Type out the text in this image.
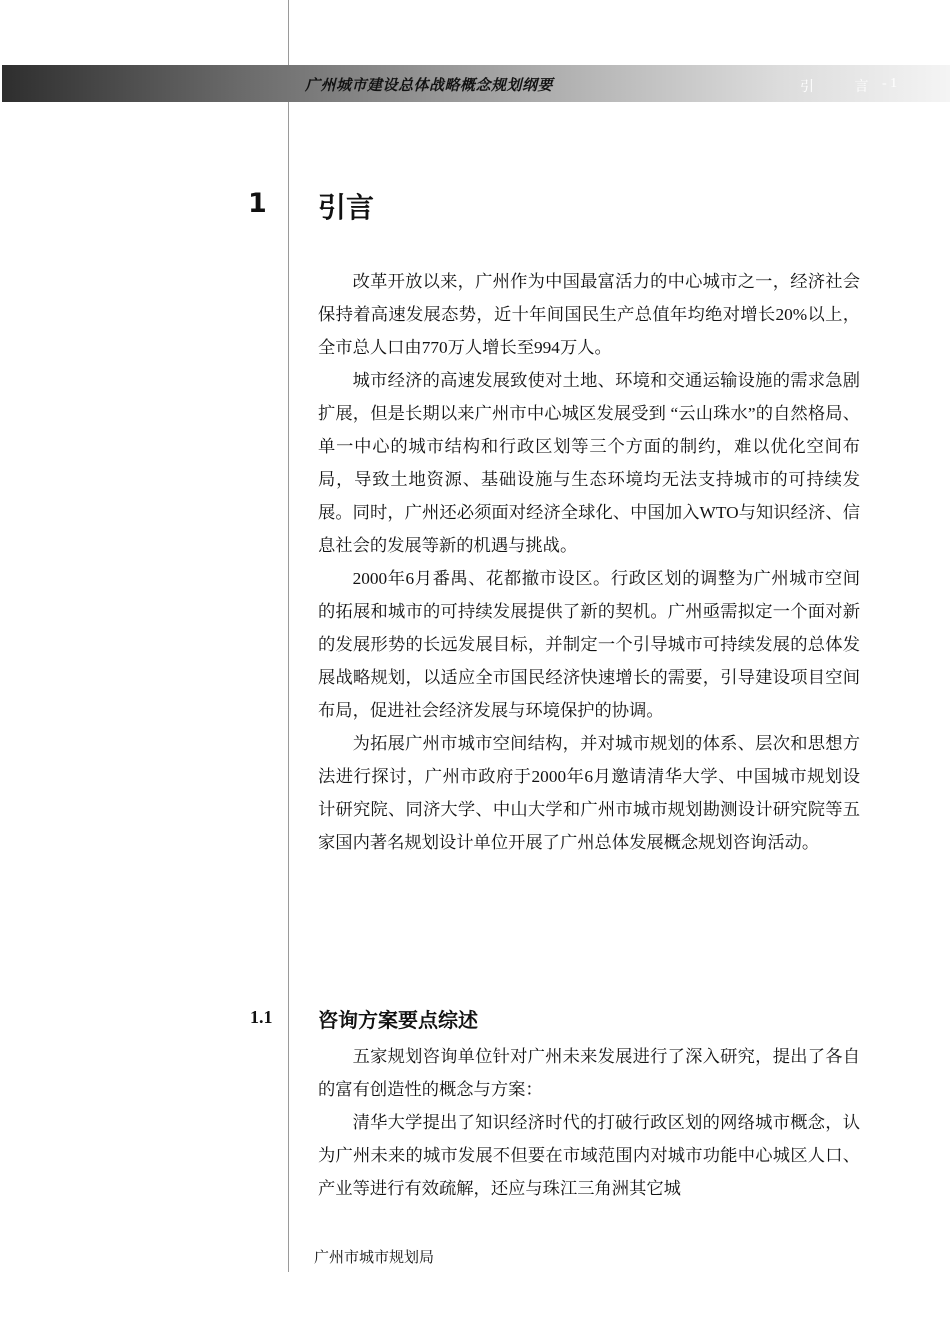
广州城市建设总体战略概念规划纲要	引 言
- 1
1 引言

改革开放以来，广州作为中国最富活力的中心城市之一，经济社会保持着高速发展态势，近十年间国民生产总值年均绝对增长20%以上，全市总人口由770万人增长至994万人。

城市经济的高速发展致使对土地、环境和交通运输设施的需求急剧扩展，但是长期以来广州市中心城区发展受到 “云山珠水”的自然格局、单一中心的城市结构和行政区划等三个方面的制约，难以优化空间布局，导致土地资源、基础设施与生态环境均无法支持城市的可持续发展。同时，广州还必须面对经济全球化、中国加入WTO与知识经济、信息社会的发展等新的机遇与挑战。

2000年6月番禺、花都撤市设区。行政区划的调整为广州城市空间的拓展和城市的可持续发展提供了新的契机。广州亟需拟定一个面对新的发展形势的长远发展目标，并制定一个引导城市可持续发展的总体发展战略规划，以适应全市国民经济快速增长的需要，引导建设项目空间布局，促进社会经济发展与环境保护的协调。

为拓展广州市城市空间结构，并对城市规划的体系、层次和思想方法进行探讨，广州市政府于2000年6月邀请清华大学、中国城市规划设计研究院、同济大学、中山大学和广州市城市规划勘测设计研究院等五家国内著名规划设计单位开展了广州总体发展概念规划咨询活动。

1.1 咨询方案要点综述

五家规划咨询单位针对广州未来发展进行了深入研究，提出了各自的富有创造性的概念与方案：

清华大学提出了知识经济时代的打破行政区划的网络城市概念，认为广州未来的城市发展不但要在市域范围内对城市功能中心城区人口、产业等进行有效疏解，还应与珠江三角洲其它城

广州市城市规划局
